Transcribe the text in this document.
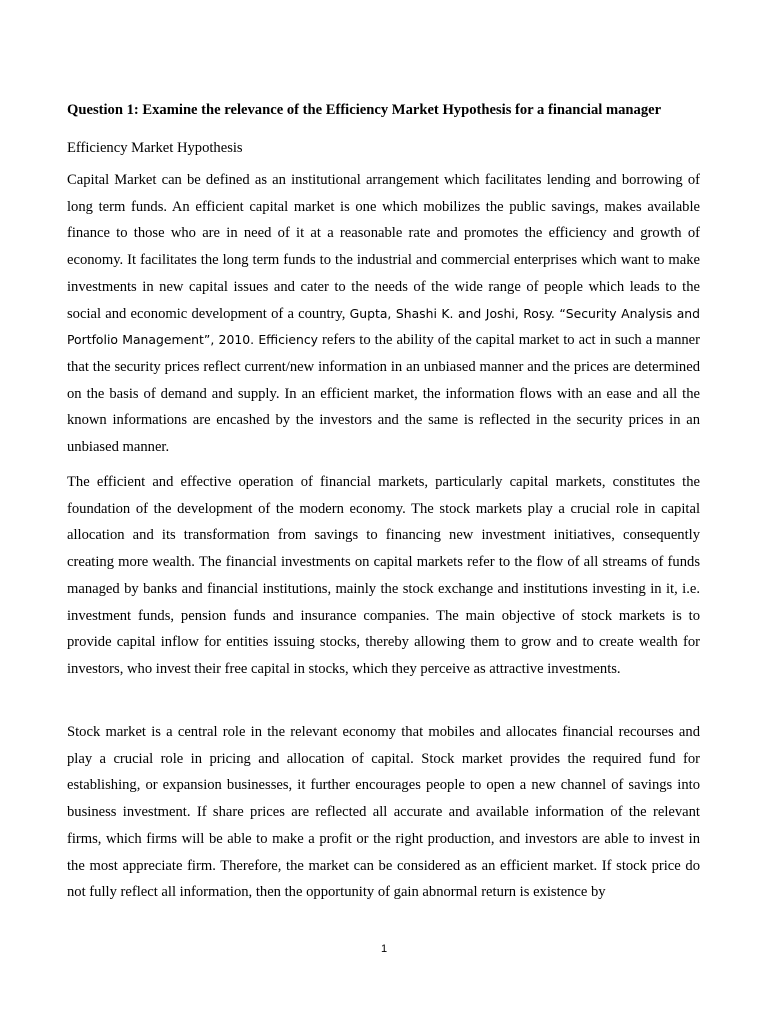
Question 1: Examine the relevance of the Efficiency Market Hypothesis for a financial manager
Efficiency Market Hypothesis

Capital Market can be defined as an institutional arrangement which facilitates lending and borrowing of long term funds. An efficient capital market is one which mobilizes the public savings, makes available finance to those who are in need of it at a reasonable rate and promotes the efficiency and growth of economy. It facilitates the long term funds to the industrial and commercial enterprises which want to make investments in new capital issues and cater to the needs of the wide range of people which leads to the social and economic development of a country, Gupta, Shashi K. and Joshi, Rosy. “Security Analysis and Portfolio Management”, 2010. Efficiency refers to the ability of the capital market to act in such a manner that the security prices reflect current/new information in an unbiased manner and the prices are determined on the basis of demand and supply. In an efficient market, the information flows with an ease and all the known informations are encashed by the investors and the same is reflected in the security prices in an unbiased manner.

The efficient and effective operation of financial markets, particularly capital markets, constitutes the foundation of the development of the modern economy. The stock markets play a crucial role in capital allocation and its transformation from savings to financing new investment initiatives, consequently creating more wealth. The financial investments on capital markets refer to the flow of all streams of funds managed by banks and financial institutions, mainly the stock exchange and institutions investing in it, i.e. investment funds, pension funds and insurance companies. The main objective of stock markets is to provide capital inflow for entities issuing stocks, thereby allowing them to grow and to create wealth for investors, who invest their free capital in stocks, which they perceive as attractive investments.

Stock market is a central role in the relevant economy that mobiles and allocates financial recourses and play a crucial role in pricing and allocation of capital. Stock market provides the required fund for establishing, or expansion businesses, it further encourages people to open a new channel of savings into business investment. If share prices are reflected all accurate and available information of the relevant firms, which firms will be able to make a profit or the right production, and investors are able to invest in the most appreciate firm. Therefore, the market can be considered as an efficient market. If stock price do not fully reflect all information, then the opportunity of gain abnormal return is existence by

1
